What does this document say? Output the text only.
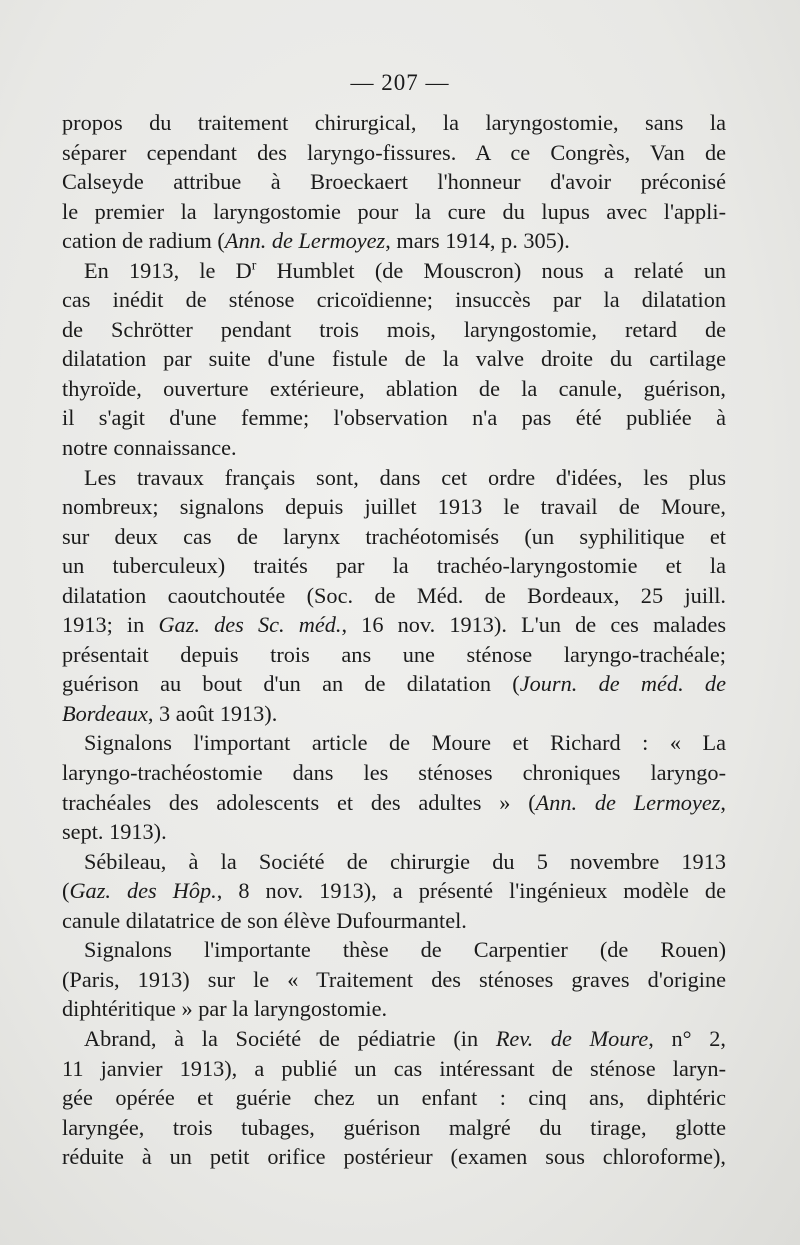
— 207 —
propos du traitement chirurgical, la laryngostomie, sans la
séparer cependant des laryngo-fissures. A ce Congrès, Van de
Calseyde attribue à Broeckaert l'honneur d'avoir préconisé
le premier la laryngostomie pour la cure du lupus avec l'appli-
cation de radium (Ann. de Lermoyez, mars 1914, p. 305).
En 1913, le $D^r$ Humblet (de Mouscron) nous a relaté un
cas inédit de sténose cricoïdienne; insuccès par la dilatation
de Schrötter pendant trois mois, laryngostomie, retard de
dilatation par suite d'une fistule de la valve droite du cartilage
thyroïde, ouverture extérieure, ablation de la canule, guérison,
il s'agit d'une femme; l'observation n'a pas été publiée à
notre connaissance.
Les travaux français sont, dans cet ordre d'idées, les plus
nombreux; signalons depuis juillet 1913 le travail de Moure,
sur deux cas de larynx trachéotomisés (un syphilitique et
un tuberculeux) traités par la trachéo-laryngostomie et la
dilatation caoutchoutée (Soc. de Méd. de Bordeaux, 25 juill.
1913; in Gaz. des Sc. méd., 16 nov. 1913). L'un de ces malades
présentait depuis trois ans une sténose laryngo-trachéale;
guérison au bout d'un an de dilatation (Journ. de méd. de
Bordeaux, 3 août 1913).
Signalons l'important article de Moure et Richard : « La
laryngo-trachéostomie dans les sténoses chroniques laryngo-
trachéales des adolescents et des adultes » (Ann. de Lermoyez,
sept. 1913).
Sébileau, à la Société de chirurgie du 5 novembre 1913
(Gaz. des Hôp., 8 nov. 1913), a présenté l'ingénieux modèle de
canule dilatatrice de son élève Dufourmantel.
Signalons l'importante thèse de Carpentier (de Rouen)
(Paris, 1913) sur le « Traitement des sténoses graves d'origine
diphtéritique » par la laryngostomie.
Abrand, à la Société de pédiatrie (in Rev. de Moure, n° 2,
11 janvier 1913), a publié un cas intéressant de sténose laryn-
gée opérée et guérie chez un enfant : cinq ans, diphtéric
laryngée, trois tubages, guérison malgré du tirage, glotte
réduite à un petit orifice postérieur (examen sous chloroforme),
